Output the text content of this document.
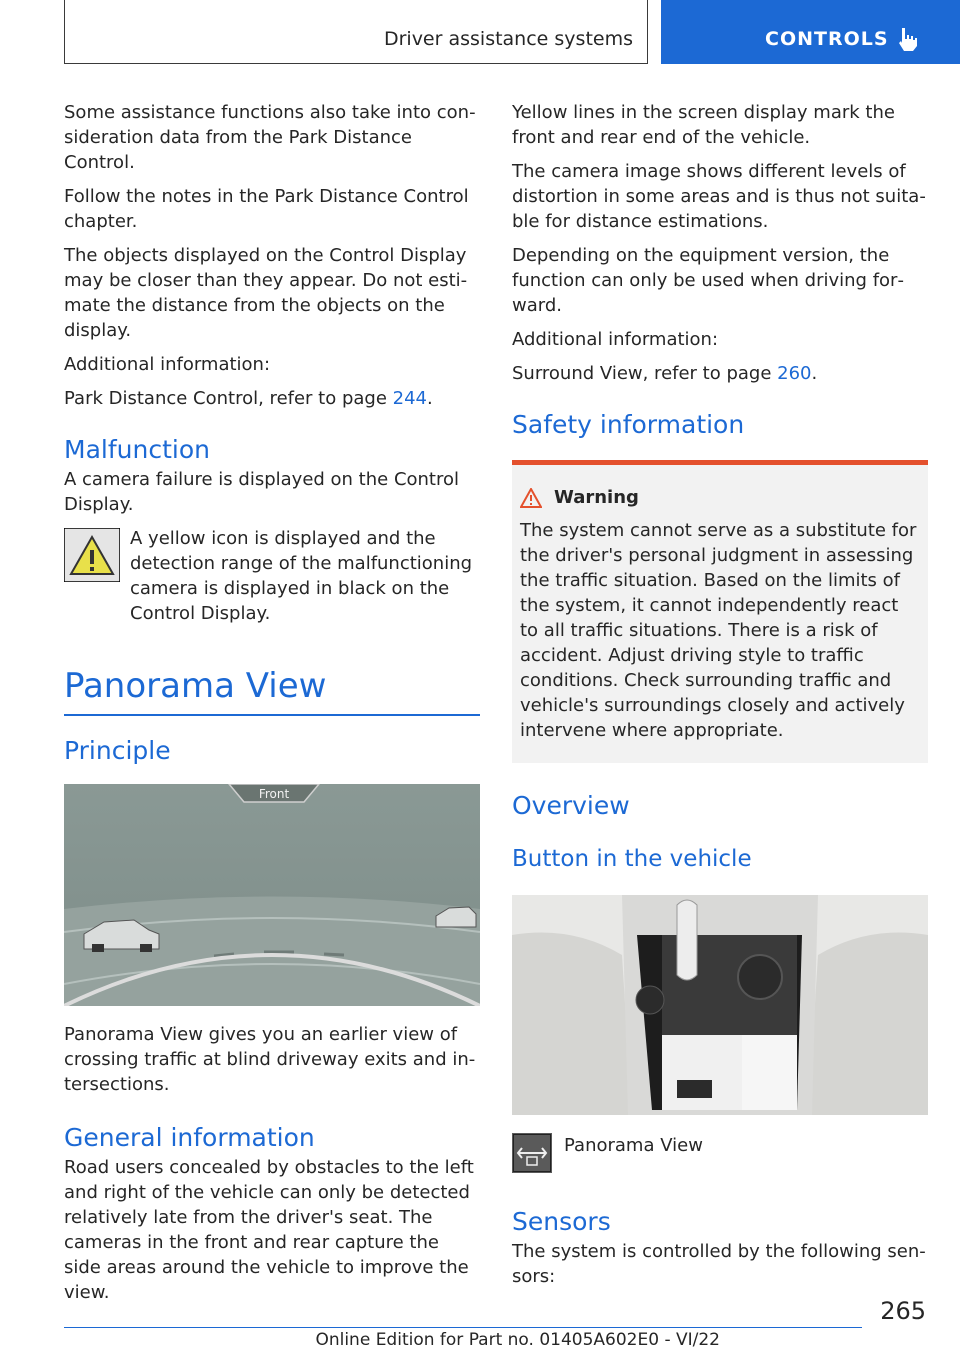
Driver assistance systems	CONTROLS

Some assistance functions also take into consideration data from the Park Distance Control.

Follow the notes in the Park Distance Control chapter.

The objects displayed on the Control Display may be closer than they appear. Do not estimate the distance from the objects on the display.

Additional information:

Park Distance Control, refer to page 244.

Malfunction

A camera failure is displayed on the Control Display.

A yellow icon is displayed and the detection range of the malfunctioning camera is displayed in black on the Control Display.

Panorama View
Principle
Front

Panorama View gives you an earlier view of crossing traffic at blind driveway exits and intersections.

General information

Road users concealed by obstacles to the left and right of the vehicle can only be detected relatively late from the driver's seat. The cameras in the front and rear capture the side areas around the vehicle to improve the view.

Yellow lines in the screen display mark the front and rear end of the vehicle.

The camera image shows different levels of distortion in some areas and is thus not suitable for distance estimations.

Depending on the equipment version, the function can only be used when driving forward.

Additional information:

Surround View, refer to page 260.

Safety information
Warning

The system cannot serve as a substitute for the driver's personal judgment in assessing the traffic situation. Based on the limits of the system, it cannot independently react to all traffic situations. There is a risk of accident. Adjust driving style to traffic conditions. Check surrounding traffic and vehicle's surroundings closely and actively intervene where appropriate.

Overview
Button in the vehicle

Panorama View

Sensors

The system is controlled by the following sensors:

265
Online Edition for Part no. 01405A602E0 - VI/22
